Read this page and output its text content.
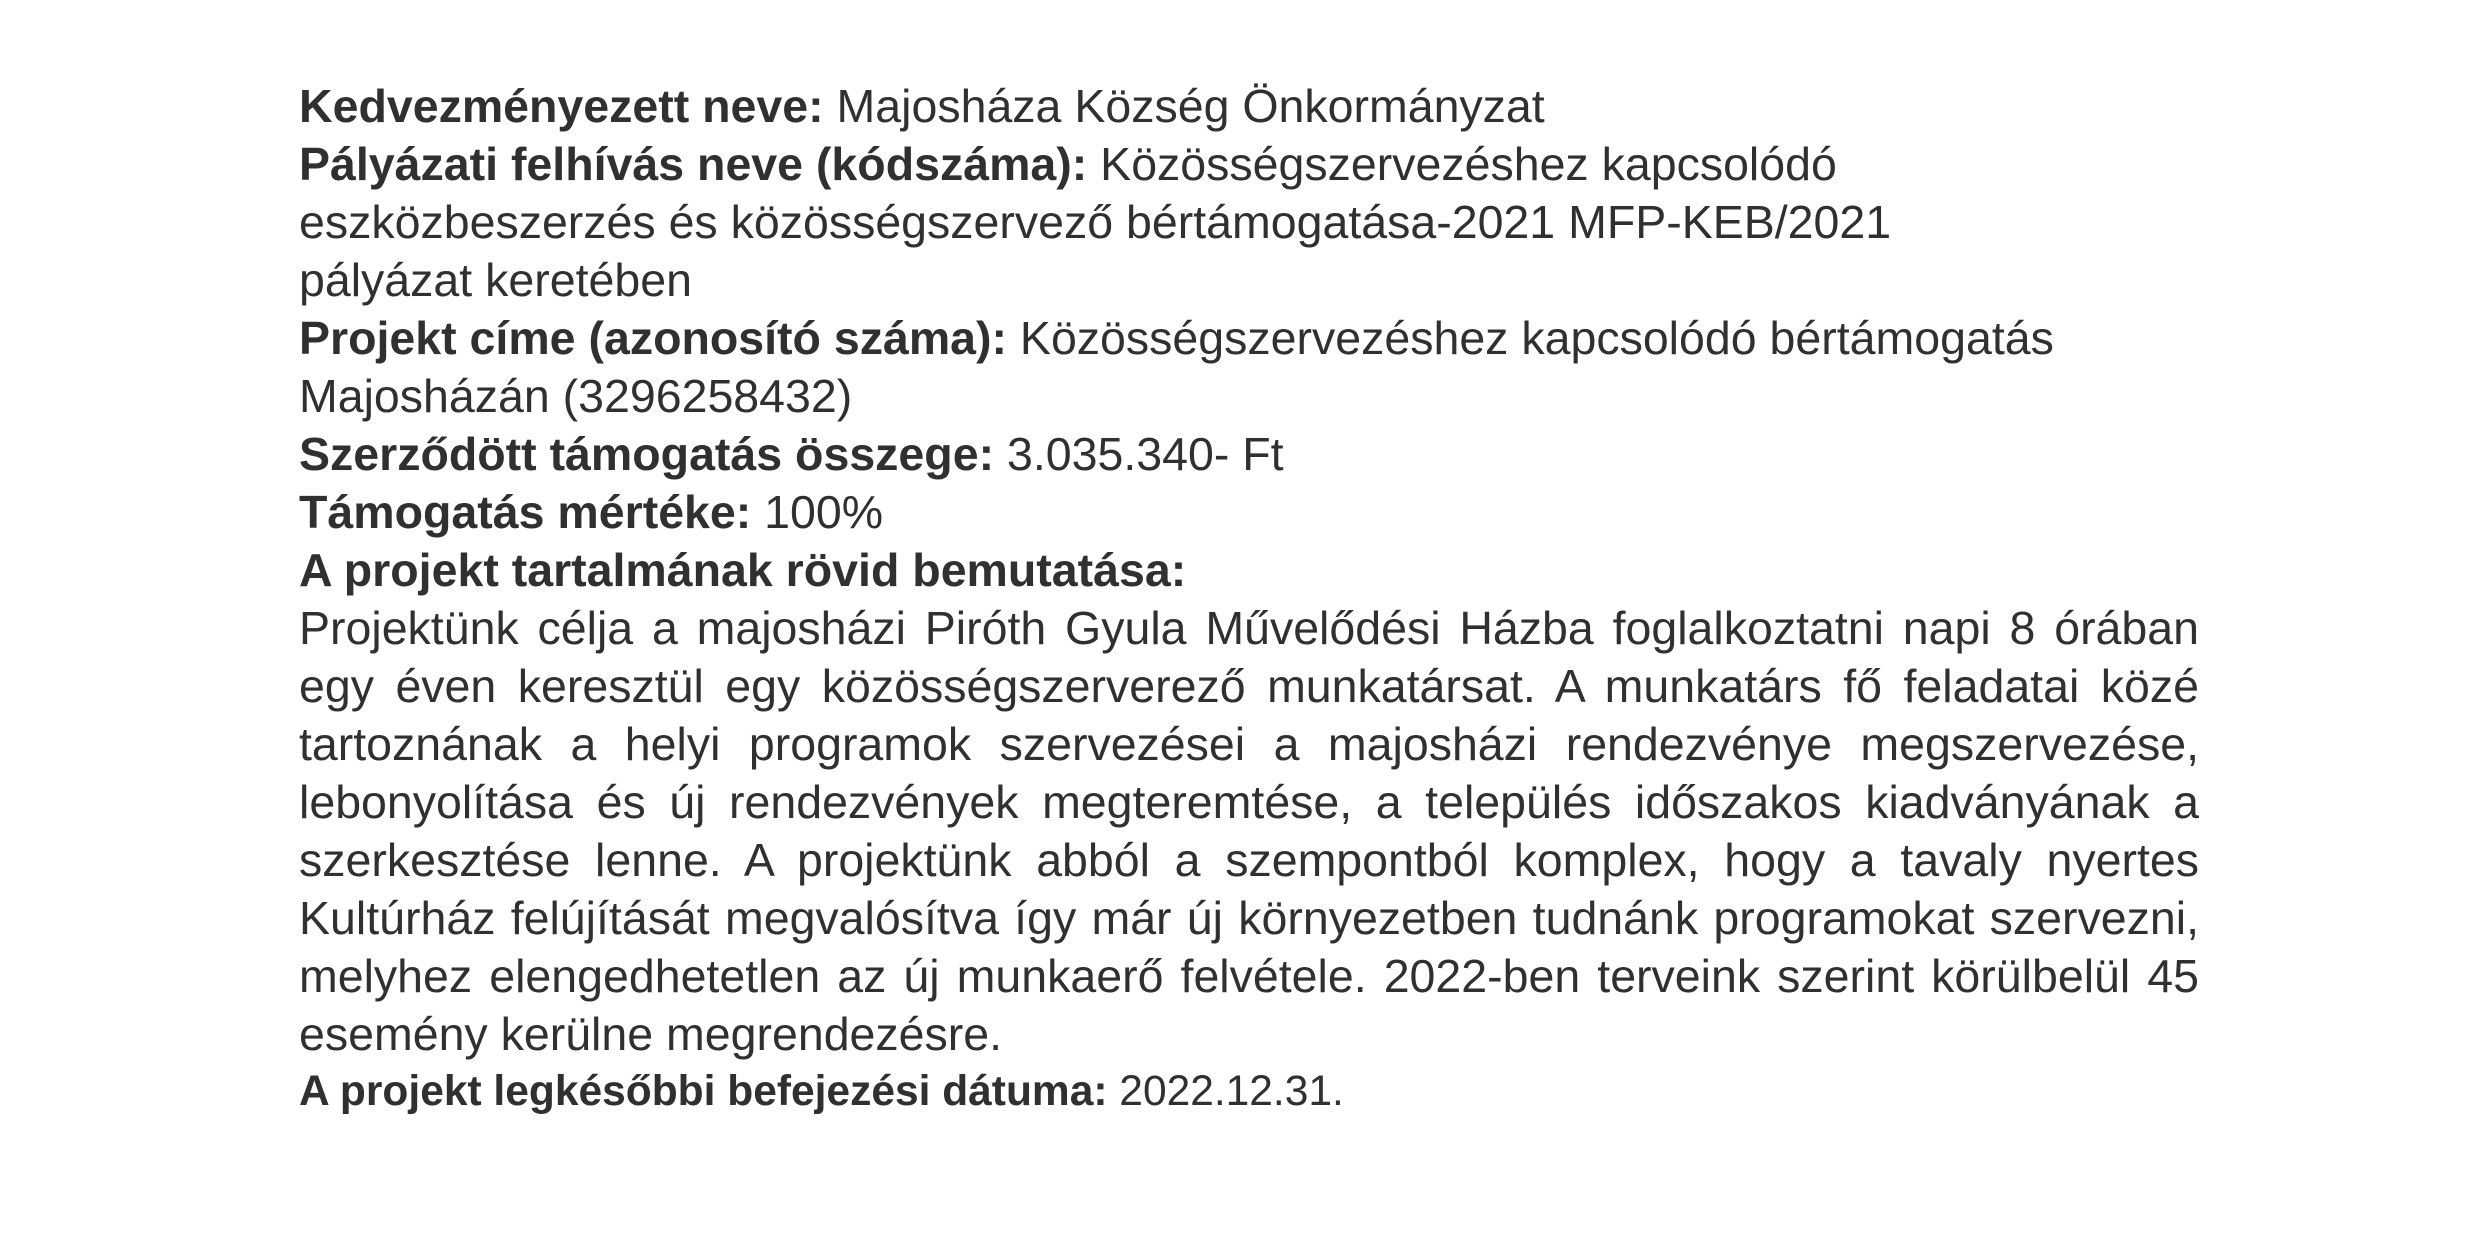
Kedvezményezett neve: Majosháza Község Önkormányzat
Pályázati felhívás neve (kódszáma): Közösségszervezéshez kapcsolódó
eszközbeszerzés és közösségszervező bértámogatása-2021 MFP-KEB/2021
pályázat keretében
Projekt címe (azonosító száma): Közösségszervezéshez kapcsolódó bértámogatás
Majosházán (3296258432)
Szerződött támogatás összege: 3.035.340- Ft
Támogatás mértéke: 100%
A projekt tartalmának rövid bemutatása:

Projektünk célja a majosházi Piróth Gyula Művelődési Házba foglalkoztatni napi 8 órában egy éven keresztül egy közösségszerverező munkatársat. A munkatárs fő feladatai közé tartoznának a helyi programok szervezései a majosházi rendezvénye megszervezése, lebonyolítása és új rendezvények megteremtése, a település időszakos kiadványának a szerkesztése lenne. A projektünk abból a szempontból komplex, hogy a tavaly nyertes Kultúrház felújítását megvalósítva így már új környezetben tudnánk programokat szervezni, melyhez elengedhetetlen az új munkaerő felvétele. 2022-ben terveink szerint körülbelül 45 esemény kerülne megrendezésre.

A projekt legkésőbbi befejezési dátuma: 2022.12.31.
